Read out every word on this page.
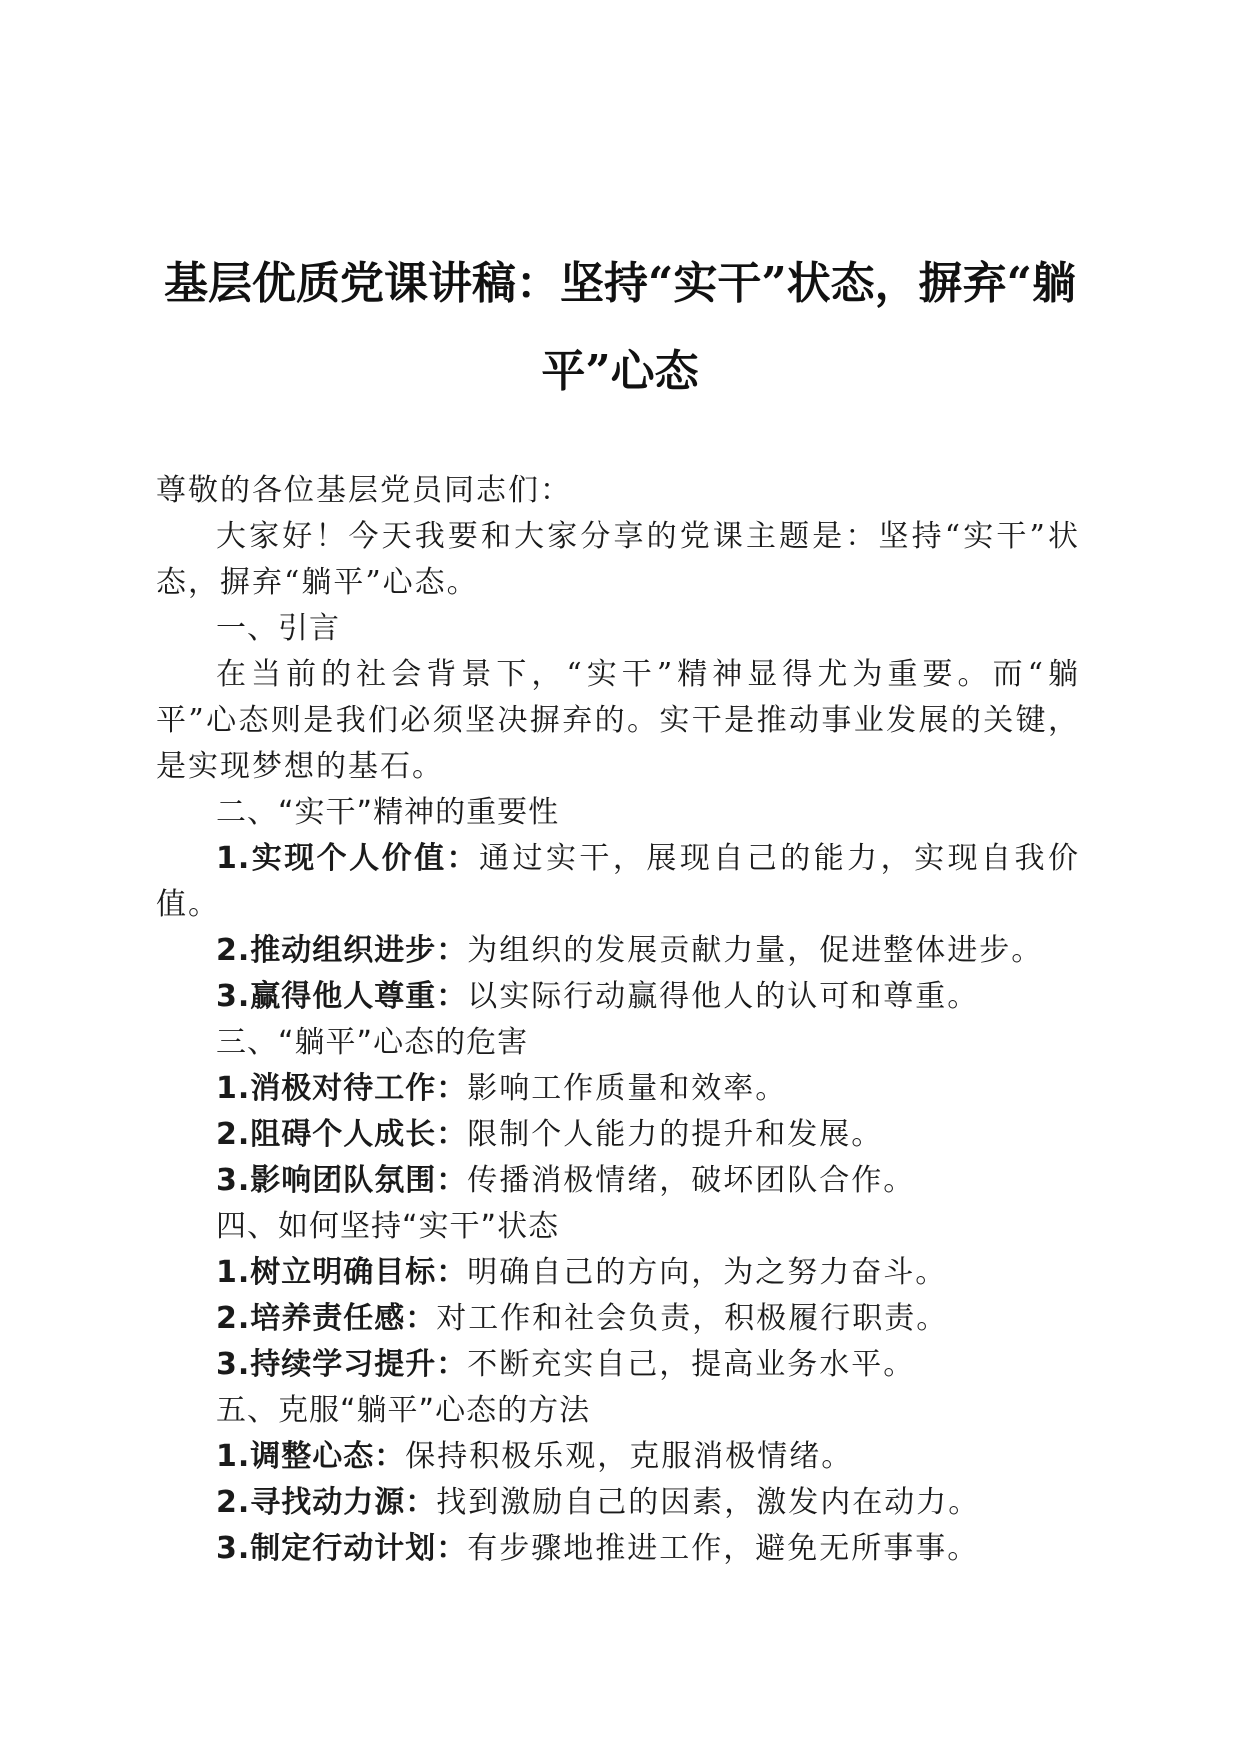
基层优质党课讲稿：坚持“实干”状态，摒弃“躺平”心态

尊敬的各位基层党员同志们：

大家好！今天我要和大家分享的党课主题是：坚持“实干”状态，摒弃“躺平”心态。

一、引言

在当前的社会背景下，“实干”精神显得尤为重要。而“躺平”心态则是我们必须坚决摒弃的。实干是推动事业发展的关键，是实现梦想的基石。

二、“实干”精神的重要性

1.实现个人价值：通过实干，展现自己的能力，实现自我价值。

2.推动组织进步：为组织的发展贡献力量，促进整体进步。

3.赢得他人尊重：以实际行动赢得他人的认可和尊重。

三、“躺平”心态的危害

1.消极对待工作：影响工作质量和效率。

2.阻碍个人成长：限制个人能力的提升和发展。

3.影响团队氛围：传播消极情绪，破坏团队合作。

四、如何坚持“实干”状态

1.树立明确目标：明确自己的方向，为之努力奋斗。

2.培养责任感：对工作和社会负责，积极履行职责。

3.持续学习提升：不断充实自己，提高业务水平。

五、克服“躺平”心态的方法

1.调整心态：保持积极乐观，克服消极情绪。

2.寻找动力源：找到激励自己的因素，激发内在动力。

3.制定行动计划：有步骤地推进工作，避免无所事事。
